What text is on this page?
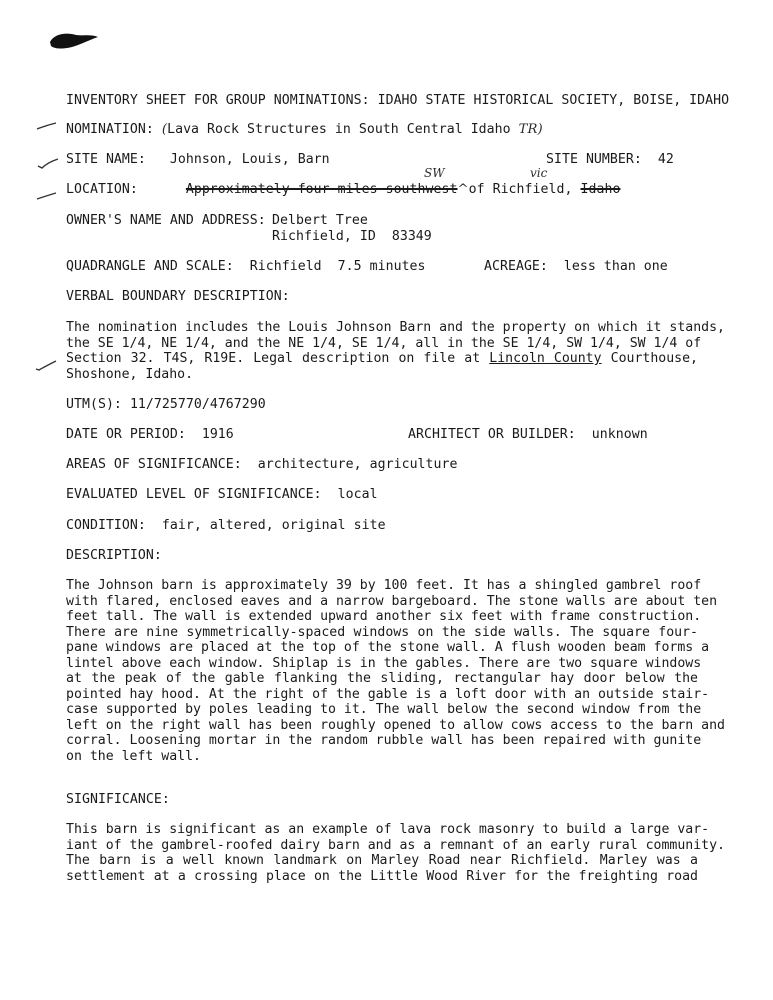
INVENTORY SHEET FOR GROUP NOMINATIONS: IDAHO STATE HISTORICAL SOCIETY, BOISE, IDAHO
NOMINATION: (Lava Rock Structures in South Central Idaho TR)
SITE NAME: Johnson, Louis, Barn	SITE NUMBER: 42
SW	vic
LOCATION:	Approximately four miles southwest^of Richfield, Idaho
OWNER'S NAME AND ADDRESS: Delbert Tree
Richfield, ID  83349
QUADRANGLE AND SCALE: Richfield  7.5 minutes	ACREAGE: less than one
VERBAL BOUNDARY DESCRIPTION:
The nomination includes the Louis Johnson Barn and the property on which it stands,
the SE 1/4, NE 1/4, and the NE 1/4, SE 1/4, all in the SE 1/4, SW 1/4, SW 1/4 of
Section 32. T4S, R19E. Legal description on file at Lincoln County Courthouse,
Shoshone, Idaho.
UTM(S): 11/725770/4767290
DATE OR PERIOD: 1916	ARCHITECT OR BUILDER: unknown
AREAS OF SIGNIFICANCE: architecture, agriculture
EVALUATED LEVEL OF SIGNIFICANCE: local
CONDITION: fair, altered, original site
DESCRIPTION:
The Johnson barn is approximately 39 by 100 feet. It has a shingled gambrel roof
with flared, enclosed eaves and a narrow bargeboard. The stone walls are about ten
feet tall. The wall is extended upward another six feet with frame construction.
There are nine symmetrically-spaced windows on the side walls. The square four-
pane windows are placed at the top of the stone wall. A flush wooden beam forms a
lintel above each window. Shiplap is in the gables. There are two square windows
at the peak of the gable flanking the sliding, rectangular hay door below the
pointed hay hood. At the right of the gable is a loft door with an outside stair-
case supported by poles leading to it. The wall below the second window from the
left on the right wall has been roughly opened to allow cows access to the barn and
corral. Loosening mortar in the random rubble wall has been repaired with gunite
on the left wall.
SIGNIFICANCE:
This barn is significant as an example of lava rock masonry to build a large var-
iant of the gambrel-roofed dairy barn and as a remnant of an early rural community.
The barn is a well known landmark on Marley Road near Richfield. Marley was a
settlement at a crossing place on the Little Wood River for the freighting road
